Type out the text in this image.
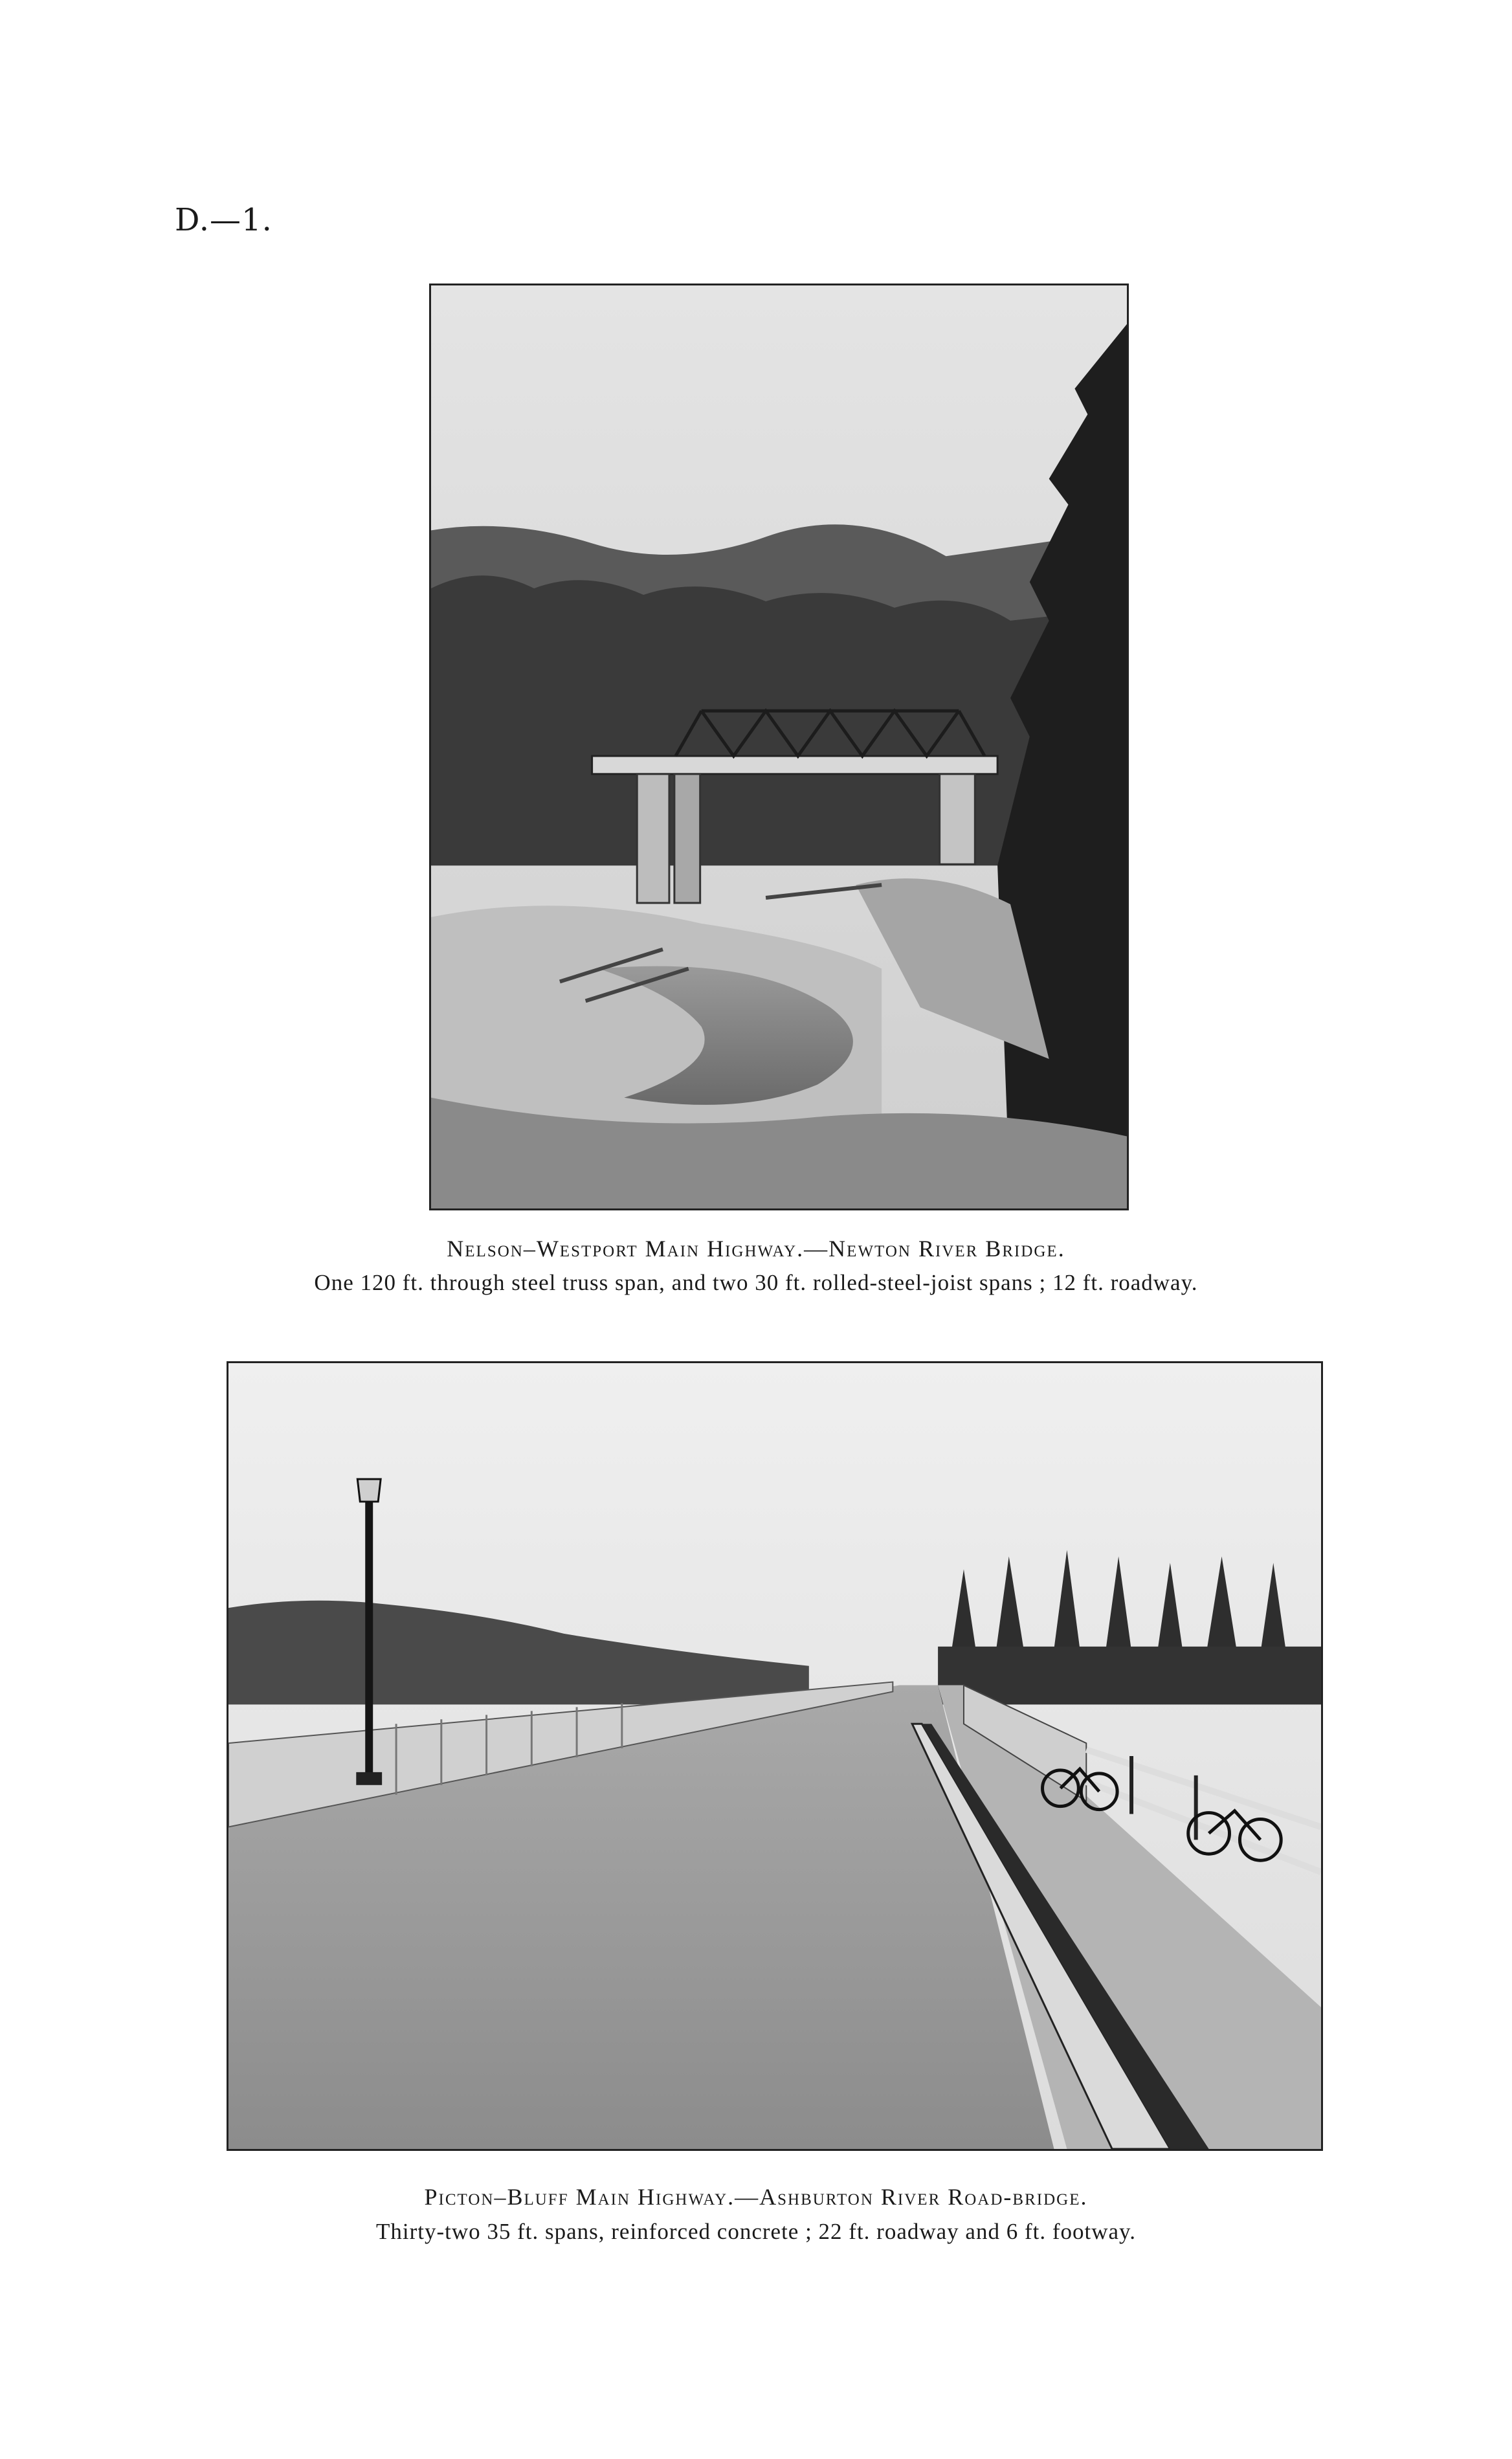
D.—1.
Nelson–Westport Main Highway.—Newton River Bridge.
One 120 ft. through steel truss span, and two 30 ft. rolled-steel-joist spans ; 12 ft. roadway.
Picton–Bluff Main Highway.—Ashburton River Road-bridge.
Thirty-two 35 ft. spans, reinforced concrete ; 22 ft. roadway and 6 ft. footway.
